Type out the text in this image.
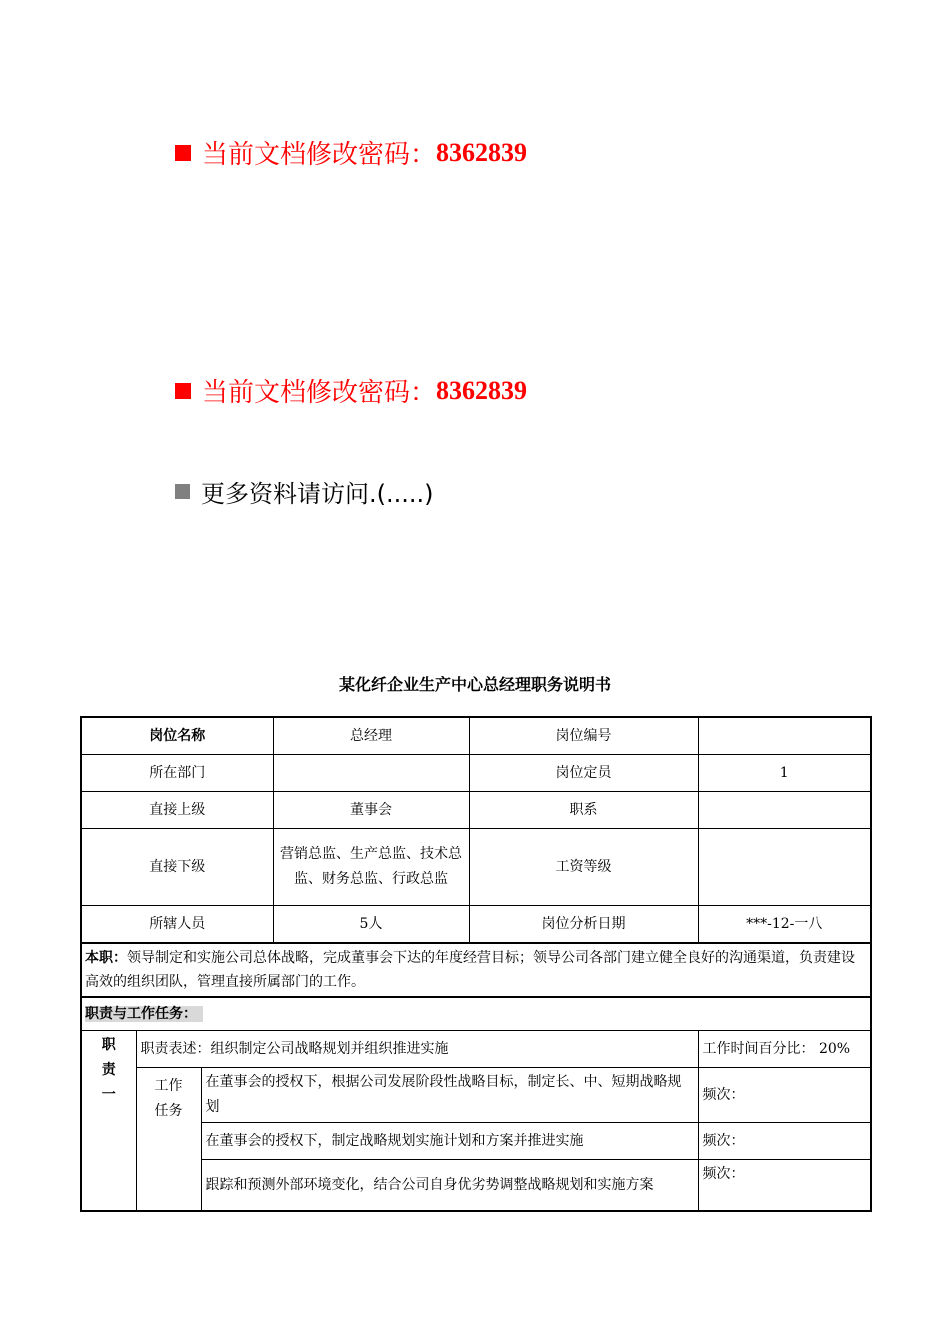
当前文档修改密码： 8362839
当前文档修改密码： 8362839
更多资料请访问.(.....)
某化纤企业生产中心总经理职务说明书
岗位名称			总经理	岗位编号	
所在部门				岗位定员	1
直接上级			董事会	职系	
直接下级			营销总监、生产总监、技术总监、财务总监、行政总监	工资等级	
所辖人员			5人	岗位分析日期	***-12-一八
本职：领导制定和实施公司总体战略，完成董事会下达的年度经营目标；领导公司各部门建立健全良好的沟通渠道，负责建设高效的组织团队，管理直接所属部门的工作。					
职责与工作任务：					

职责一	职责表述：组织制定公司战略规划并组织推进实施				工作时间百分比： 20%

	工作任务	在董事会的授权下，根据公司发展阶段性战略目标，制定长、中、短期战略规划			频次：
		在董事会的授权下，制定战略规划实施计划和方案并推进实施			频次：
		跟踪和预测外部环境变化，结合公司自身优劣势调整战略规划和实施方案			频次：
